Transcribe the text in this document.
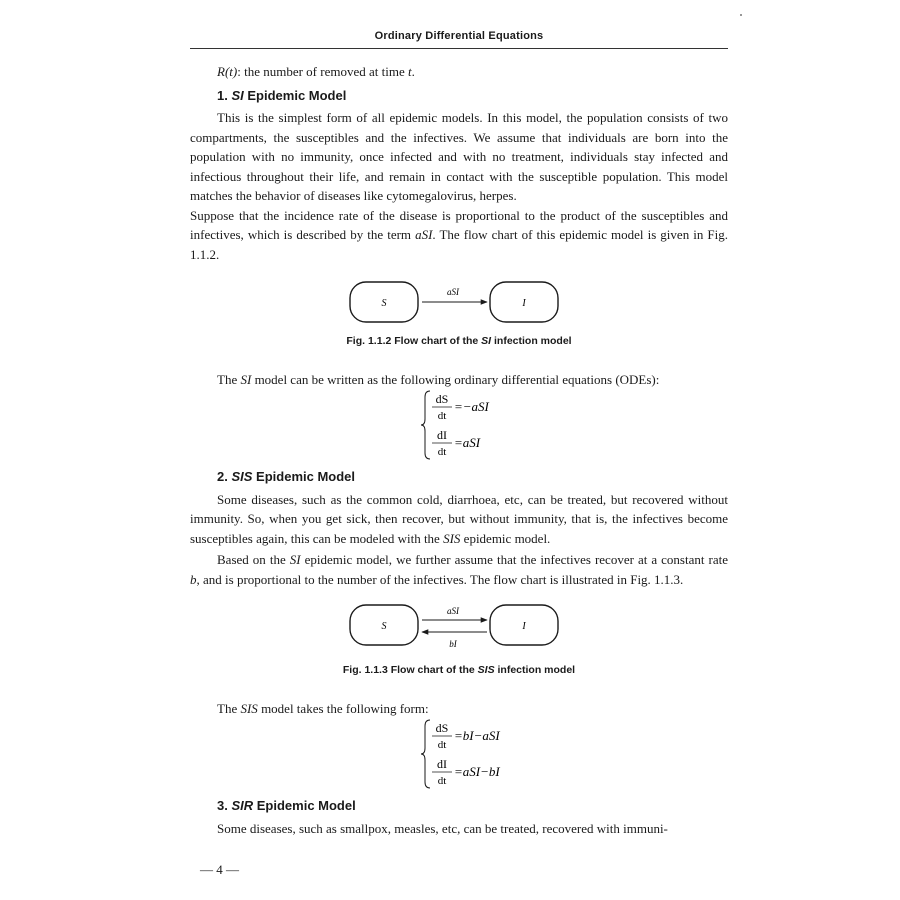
Ordinary Differential Equations

R(t): the number of removed at time t.

1. SI Epidemic Model

This is the simplest form of all epidemic models. In this model, the population consists of two compartments, the susceptibles and the infectives. We assume that individuals are born into the population with no immunity, once infected and with no treatment, individuals stay infected and infectious throughout their life, and remain in contact with the susceptible population. This model matches the behavior of diseases like cytomegalovirus, herpes.

Suppose that the incidence rate of the disease is proportional to the product of the susceptibles and infectives, which is described by the term aSI. The flow chart of this epidemic model is given in Fig. 1.1.2.

S	I
aSI
Fig. 1.1.2 Flow chart of the SI infection model

The SI model can be written as the following ordinary differential equations (ODEs):

dS
dt
=−aSI
dI
dt
=aSI
2. SIS Epidemic Model

Some diseases, such as the common cold, diarrhoea, etc, can be treated, but recovered without immunity. So, when you get sick, then recover, but without immunity, that is, the infectives become susceptibles again, this can be modeled with the SIS epidemic model.

Based on the SI epidemic model, we further assume that the infectives recover at a constant rate b, and is proportional to the number of the infectives. The flow chart is illustrated in Fig. 1.1.3.

S	I
aSI
bI
Fig. 1.1.3 Flow chart of the SIS infection model

The SIS model takes the following form:

dS
dt
=bI−aSI
dI
dt
=aSI−bI
3. SIR Epidemic Model

Some diseases, such as smallpox, measles, etc, can be treated, recovered with immuni-

— 4 —
